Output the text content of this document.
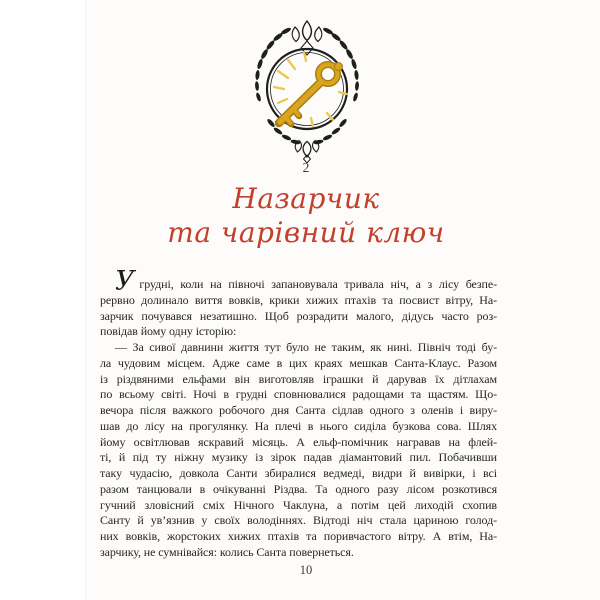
2
Назарчик
та чарівний ключ
Угрудні, коли на півночі запановувала тривала ніч, а з лісу безпе-
рервно долинало виття вовків, крики хижих птахів та посвист вітру, На-
зарчик почувався незатишно. Щоб розрадити малого, дідусь часто роз-
повідав йому одну історію:
— За сивої давнини життя тут було не таким, як нині. Північ тоді бу-
ла чудовим місцем. Адже саме в цих краях мешкав Санта-Клаус. Разом
із різдвяними ельфами він виготовляв іграшки й дарував їх дітлахам
по всьому світі. Ночі в грудні сповнювалися радощами та щастям. Що-
вечора після важкого робочого дня Санта сідлав одного з оленів і виру-
шав до лісу на прогулянку. На плечі в нього сиділа бузкова сова. Шлях
йому освітлював яскравий місяць. А ельф-помічник награвав на флей-
ті, й під ту ніжну музику із зірок падав діамантовий пил. Побачивши
таку чудасію, довкола Санти збиралися ведмеді, видри й вивірки, і всі
разом танцювали в очікуванні Різдва. Та одного разу лісом розкотився
гучний зловісний сміх Нічного Чаклуна, а потім цей лиходій схопив
Санту й ув’язнив у своїх володіннях. Відтоді ніч стала цариною голод-
них вовків, жорстоких хижих птахів та поривчастого вітру. А втім, На-
зарчику, не сумнівайся: колись Санта повернеться.
10
